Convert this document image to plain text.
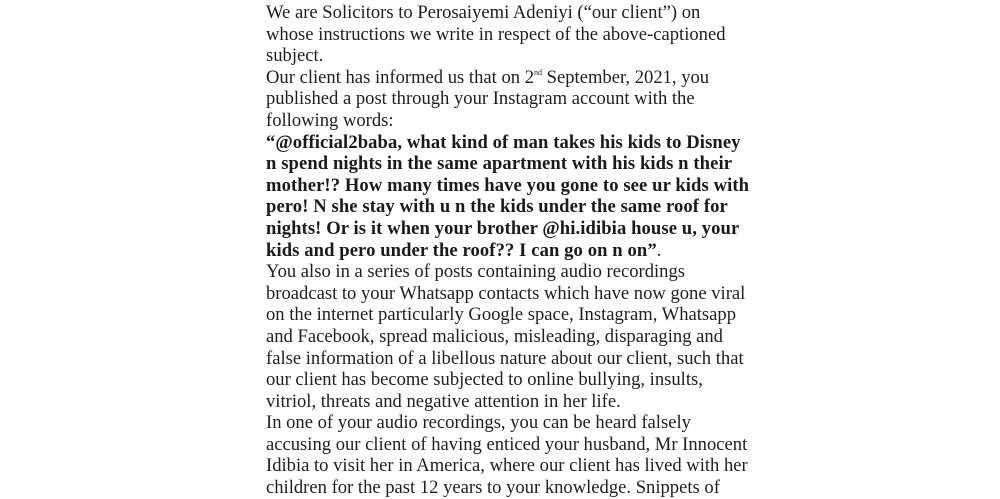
We are Solicitors to Perosaiyemi Adeniyi (“our client”) on
whose instructions we write in respect of the above-captioned
subject.
Our client has informed us that on 2nd September, 2021, you
published a post through your Instagram account with the
following words:
“@official2baba, what kind of man takes his kids to Disney
n spend nights in the same apartment with his kids n their
mother!? How many times have you gone to see ur kids with
pero! N she stay with u n the kids under the same roof for
nights! Or is it when your brother @hi.idibia house u, your
kids and pero under the roof?? I can go on n on”.
You also in a series of posts containing audio recordings
broadcast to your Whatsapp contacts which have now gone viral
on the internet particularly Google space, Instagram, Whatsapp
and Facebook, spread malicious, misleading, disparaging and
false information of a libellous nature about our client, such that
our client has become subjected to online bullying, insults,
vitriol, threats and negative attention in her life.
In one of your audio recordings, you can be heard falsely
accusing our client of having enticed your husband, Mr Innocent
Idibia to visit her in America, where our client has lived with her
children for the past 12 years to your knowledge. Snippets of
